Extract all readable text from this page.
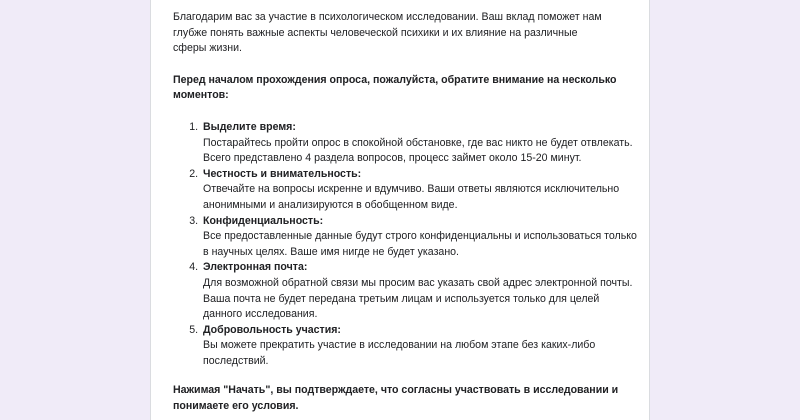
Благодарим вас за участие в психологическом исследовании. Ваш вклад поможет нам глубже понять важные аспекты человеческой психики и их влияние на различные сферы жизни.

Перед началом прохождения опроса, пожалуйста, обратите внимание на несколько моментов:

1. Выделите время:
Постарайтесь пройти опрос в спокойной обстановке, где вас никто не будет отвлекать. Всего представлено 4 раздела вопросов, процесс займет около 15-20 минут.
2. Честность и внимательность:
Отвечайте на вопросы искренне и вдумчиво. Ваши ответы являются исключительно анонимными и анализируются в обобщенном виде.
3. Конфиденциальность:
Все предоставленные данные будут строго конфиденциальны и использоваться только в научных целях. Ваше имя нигде не будет указано.
4. Электронная почта:
Для возможной обратной связи мы просим вас указать свой адрес электронной почты. Ваша почта не будет передана третьим лицам и используется только для целей данного исследования.
5. Добровольность участия:
Вы можете прекратить участие в исследовании на любом этапе без каких-либо последствий.

Нажимая "Начать", вы подтверждаете, что согласны участвовать в исследовании и понимаете его условия.
